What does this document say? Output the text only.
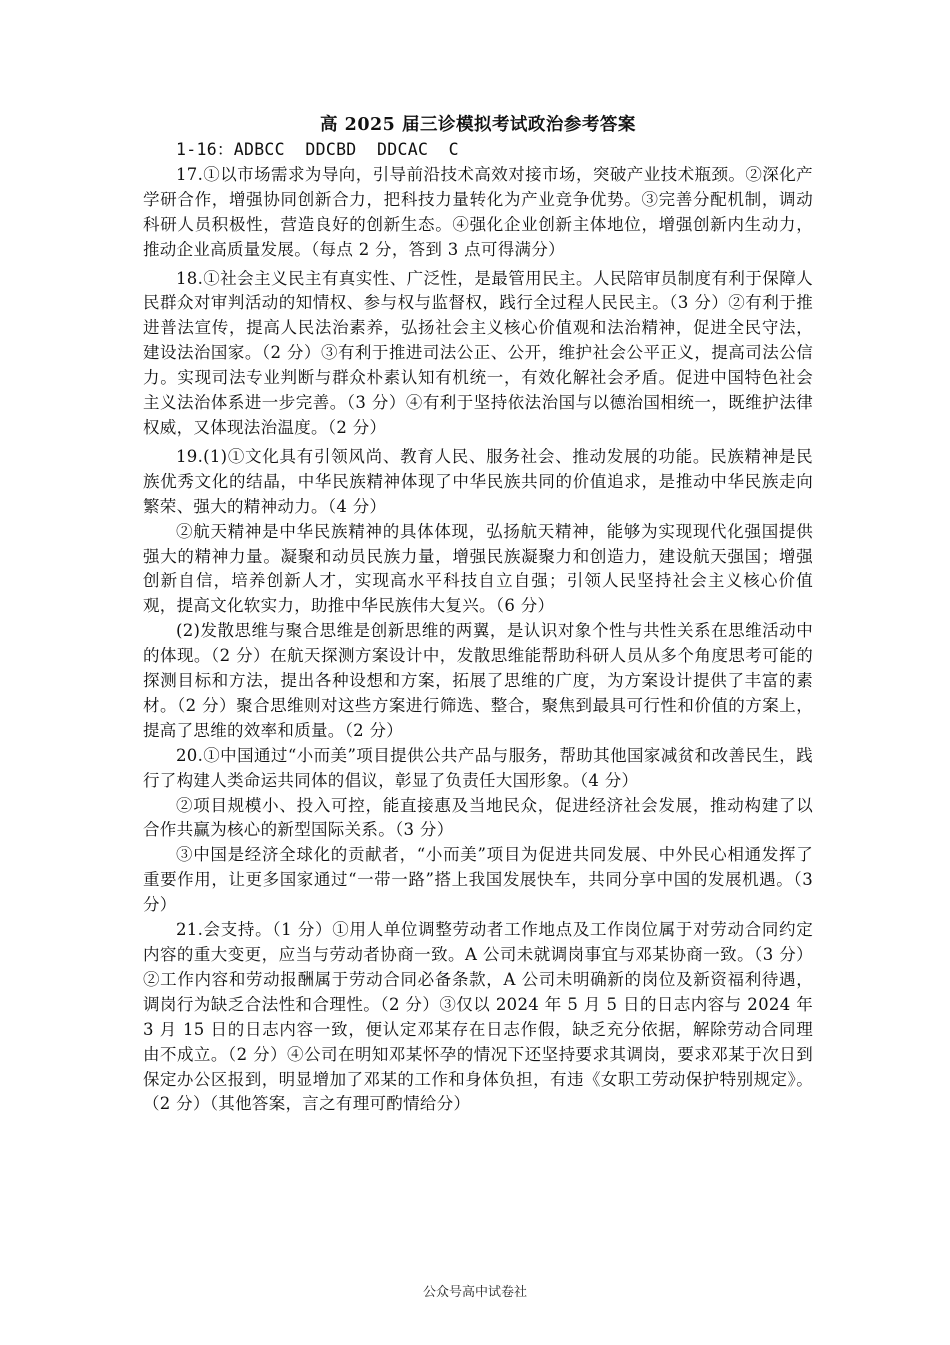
高 2025 届三诊模拟考试政治参考答案

1-16：ADBCC  DDCBD  DDCAC  C

17.①以市场需求为导向，引导前沿技术高效对接市场，突破产业技术瓶颈。②深化产学研合作，增强协同创新合力，把科技力量转化为产业竞争优势。③完善分配机制，调动科研人员积极性，营造良好的创新生态。④强化企业创新主体地位，增强创新内生动力，推动企业高质量发展。（每点 2 分，答到 3 点可得满分）

18.①社会主义民主有真实性、广泛性，是最管用民主。人民陪审员制度有利于保障人民群众对审判活动的知情权、参与权与监督权，践行全过程人民民主。（3 分）②有利于推进普法宣传，提高人民法治素养，弘扬社会主义核心价值观和法治精神，促进全民守法，建设法治国家。（2 分）③有利于推进司法公正、公开，维护社会公平正义，提高司法公信力。实现司法专业判断与群众朴素认知有机统一，有效化解社会矛盾。促进中国特色社会主义法治体系进一步完善。（3 分）④有利于坚持依法治国与以德治国相统一，既维护法律权威，又体现法治温度。（2 分）

19.(1)①文化具有引领风尚、教育人民、服务社会、推动发展的功能。民族精神是民族优秀文化的结晶，中华民族精神体现了中华民族共同的价值追求，是推动中华民族走向繁荣、强大的精神动力。（4 分）

②航天精神是中华民族精神的具体体现，弘扬航天精神，能够为实现现代化强国提供强大的精神力量。凝聚和动员民族力量，增强民族凝聚力和创造力，建设航天强国；增强创新自信，培养创新人才，实现高水平科技自立自强；引领人民坚持社会主义核心价值观，提高文化软实力，助推中华民族伟大复兴。（6 分）

(2)发散思维与聚合思维是创新思维的两翼，是认识对象个性与共性关系在思维活动中的体现。（2 分）在航天探测方案设计中，发散思维能帮助科研人员从多个角度思考可能的探测目标和方法，提出各种设想和方案，拓展了思维的广度，为方案设计提供了丰富的素材。（2 分）聚合思维则对这些方案进行筛选、整合，聚焦到最具可行性和价值的方案上，提高了思维的效率和质量。（2 分）

20.①中国通过“小而美”项目提供公共产品与服务，帮助其他国家减贫和改善民生，践行了构建人类命运共同体的倡议，彰显了负责任大国形象。（4 分）

②项目规模小、投入可控，能直接惠及当地民众，促进经济社会发展，推动构建了以合作共赢为核心的新型国际关系。（3 分）

③中国是经济全球化的贡献者，“小而美”项目为促进共同发展、中外民心相通发挥了重要作用，让更多国家通过“一带一路”搭上我国发展快车，共同分享中国的发展机遇。（3 分）

21.会支持。（1 分）①用人单位调整劳动者工作地点及工作岗位属于对劳动合同约定内容的重大变更，应当与劳动者协商一致。A 公司未就调岗事宜与邓某协商一致。（3 分）②工作内容和劳动报酬属于劳动合同必备条款，A 公司未明确新的岗位及新资福利待遇，调岗行为缺乏合法性和合理性。（2 分）③仅以 2024 年 5 月 5 日的日志内容与 2024 年 3 月 15 日的日志内容一致，便认定邓某存在日志作假，缺乏充分依据，解除劳动合同理由不成立。（2 分）④公司在明知邓某怀孕的情况下还坚持要求其调岗，要求邓某于次日到保定办公区报到，明显增加了邓某的工作和身体负担，有违《女职工劳动保护特别规定》。（2 分）（其他答案，言之有理可酌情给分）

公众号高中试卷社
